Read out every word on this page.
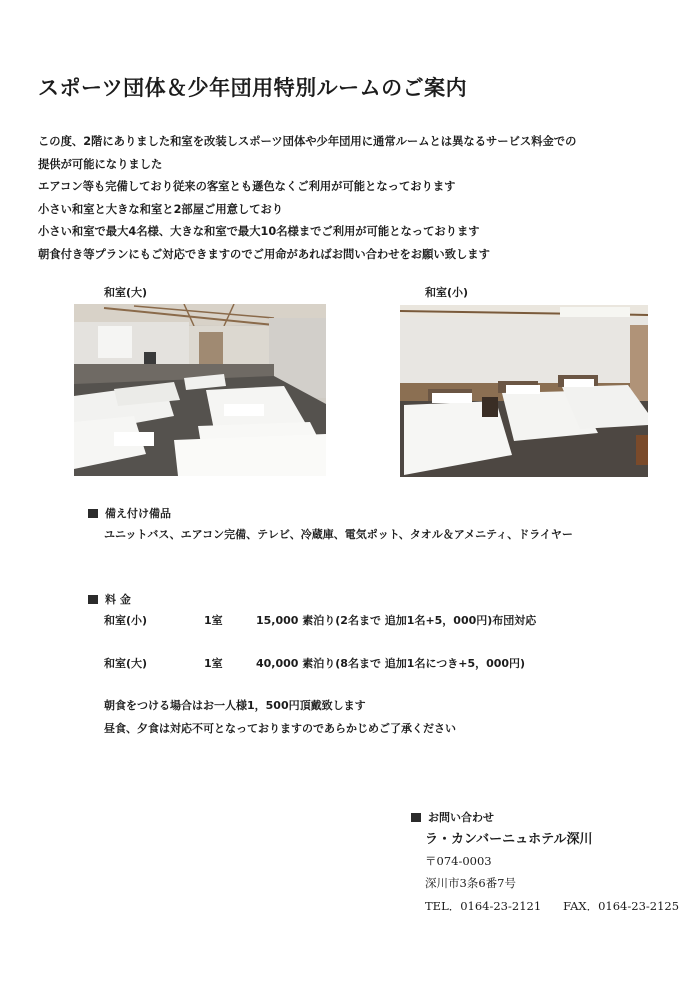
スポーツ団体＆少年団用特別ルームのご案内

この度、2階にありました和室を改装しスポーツ団体や少年団用に通常ルームとは異なるサービス料金での

提供が可能になりました

エアコン等も完備しており従来の客室とも遜色なくご利用が可能となっております

小さい和室と大きな和室と2部屋ご用意しており

小さい和室で最大4名様、大きな和室で最大10名様までご利用が可能となっております

朝食付き等プランにもご対応できますのでご用命があればお問い合わせをお願い致します

和室(大)	和室(小)
備え付け備品
ユニットバス、エアコン完備、テレビ、冷蔵庫、電気ポット、タオル＆アメニティ、ドライヤー
料 金
和室(小)	1室	15,000 素泊り(2名まで 追加1名+5，000円)布団対応
和室(大)	1室	40,000 素泊り(8名まで 追加1名につき+5，000円)
朝食をつける場合はお一人様1，500円頂戴致します
昼食、夕食は対応不可となっておりますのであらかじめご了承ください
お問い合わせ
ラ・カンバーニュホテル深川
〒074-0003
深川市3条6番7号
TEL．0164-23-2121 FAX．0164-23-2125
